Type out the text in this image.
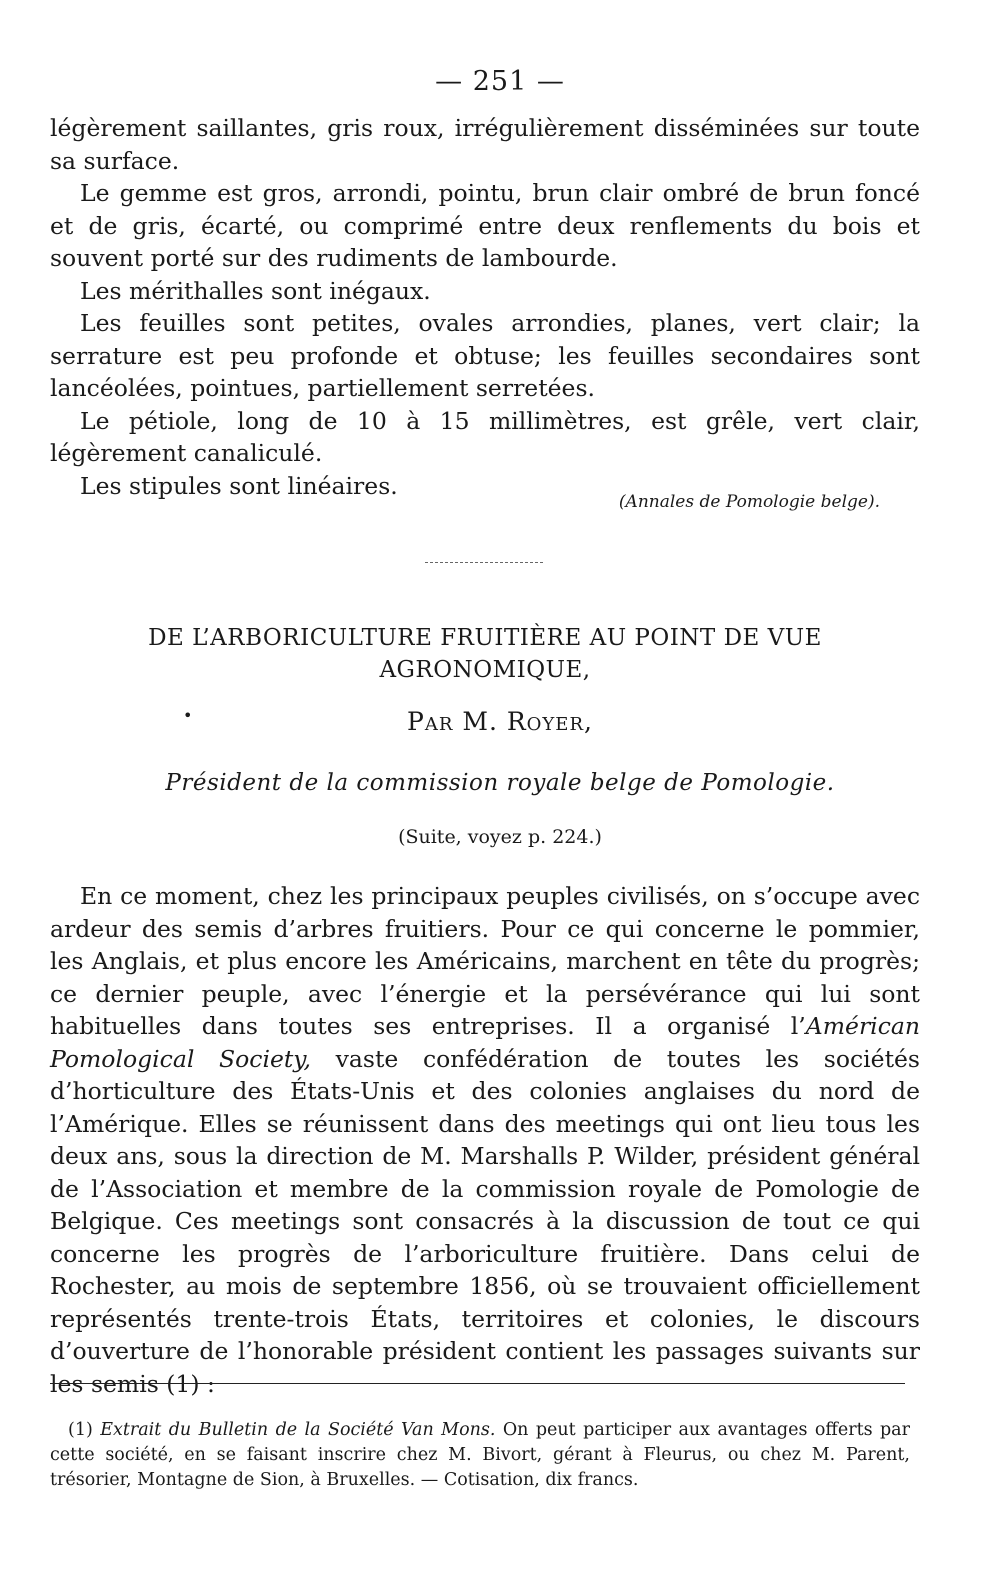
— 251 —

légèrement saillantes, gris roux, irrégulièrement disséminées sur toute sa surface.

Le gemme est gros, arrondi, pointu, brun clair ombré de brun foncé et de gris, écarté, ou comprimé entre deux renflements du bois et souvent porté sur des rudiments de lambourde.

Les mérithalles sont inégaux.

Les feuilles sont petites, ovales arrondies, planes, vert clair; la serrature est peu profonde et obtuse; les feuilles secondaires sont lancéolées, pointues, partiellement serretées.

Le pétiole, long de 10 à 15 millimètres, est grêle, vert clair, légèrement canaliculé.

Les stipules sont linéaires.

(Annales de Pomologie belge).
DE L’ARBORICULTURE FRUITIÈRE AU POINT DE VUE AGRONOMIQUE,
•	Par M. Royer,
Président de la commission royale belge de Pomologie.
(Suite, voyez p. 224.)

En ce moment, chez les principaux peuples civilisés, on s’occupe avec ardeur des semis d’arbres fruitiers. Pour ce qui concerne le pommier, les Anglais, et plus encore les Américains, marchent en tête du progrès; ce dernier peuple, avec l’énergie et la persévérance qui lui sont habituelles dans toutes ses entreprises. Il a organisé l’Américan Pomological Society, vaste confédération de toutes les sociétés d’horticulture des États-Unis et des colonies anglaises du nord de l’Amérique. Elles se réunissent dans des meetings qui ont lieu tous les deux ans, sous la direction de M. Marshalls P. Wilder, président général de l’Association et membre de la commission royale de Pomologie de Belgique. Ces meetings sont consacrés à la discussion de tout ce qui concerne les progrès de l’arboriculture fruitière. Dans celui de Rochester, au mois de septembre 1856, où se trouvaient officiellement représentés trente-trois États, territoires et colonies, le discours d’ouverture de l’honorable président contient les passages suivants sur les semis (1) :

(1) Extrait du Bulletin de la Société Van Mons. On peut participer aux avantages offerts par cette société, en se faisant inscrire chez M. Bivort, gérant à Fleurus, ou chez M. Parent, trésorier, Montagne de Sion, à Bruxelles. — Cotisation, dix francs.
